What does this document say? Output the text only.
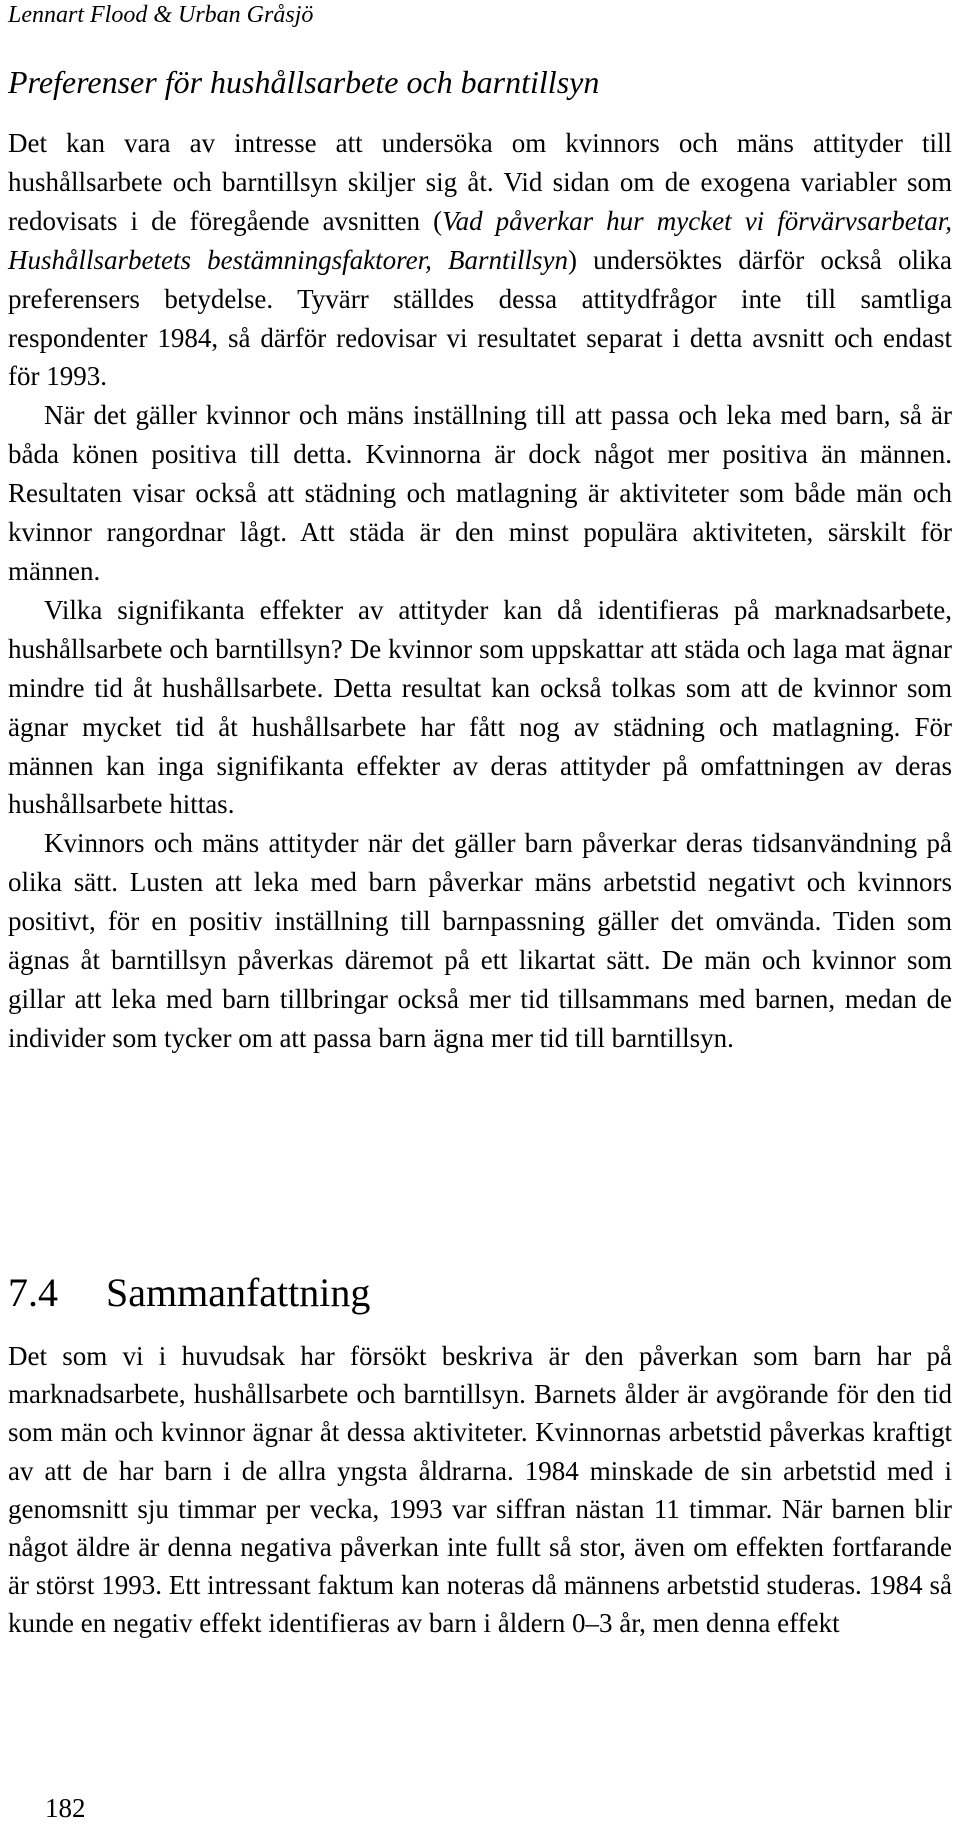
Lennart Flood & Urban Gråsjö
Preferenser för hushållsarbete och barntillsyn

Det kan vara av intresse att undersöka om kvinnors och mäns attityder till hushållsarbete och barntillsyn skiljer sig åt. Vid sidan om de exogena variabler som redovisats i de föregående avsnitten (Vad påverkar hur mycket vi förvärvsarbetar, Hushållsarbetets bestämningsfaktorer, Barntillsyn) undersöktes därför också olika preferensers betydelse. Tyvärr ställdes dessa attitydfrågor inte till samtliga respondenter 1984, så därför redovisar vi resultatet separat i detta avsnitt och endast för 1993.

När det gäller kvinnor och mäns inställning till att passa och leka med barn, så är båda könen positiva till detta. Kvinnorna är dock något mer positiva än männen. Resultaten visar också att städning och matlagning är aktiviteter som både män och kvinnor rangordnar lågt. Att städa är den minst populära aktiviteten, särskilt för männen.

Vilka signifikanta effekter av attityder kan då identifieras på marknadsarbete, hushållsarbete och barntillsyn? De kvinnor som uppskattar att städa och laga mat ägnar mindre tid åt hushållsarbete. Detta resultat kan också tolkas som att de kvinnor som ägnar mycket tid åt hushållsarbete har fått nog av städning och matlagning. För männen kan inga signifikanta effekter av deras attityder på omfattningen av deras hushållsarbete hittas.

Kvinnors och mäns attityder när det gäller barn påverkar deras tidsanvändning på olika sätt. Lusten att leka med barn påverkar mäns arbetstid negativt och kvinnors positivt, för en positiv inställning till barnpassning gäller det omvända. Tiden som ägnas åt barntillsyn påverkas däremot på ett likartat sätt. De män och kvinnor som gillar att leka med barn tillbringar också mer tid tillsammans med barnen, medan de individer som tycker om att passa barn ägna mer tid till barntillsyn.

7.4 Sammanfattning

Det som vi i huvudsak har försökt beskriva är den påverkan som barn har på marknadsarbete, hushållsarbete och barntillsyn. Barnets ålder är avgörande för den tid som män och kvinnor ägnar åt dessa aktiviteter. Kvinnornas arbetstid påverkas kraftigt av att de har barn i de allra yngsta åldrarna. 1984 minskade de sin arbetstid med i genomsnitt sju timmar per vecka, 1993 var siffran nästan 11 timmar. När barnen blir något äldre är denna negativa påverkan inte fullt så stor, även om effekten fortfarande är störst 1993. Ett intressant faktum kan noteras då männens arbetstid studeras. 1984 så kunde en negativ effekt identifieras av barn i åldern 0–3 år, men denna effekt

182
